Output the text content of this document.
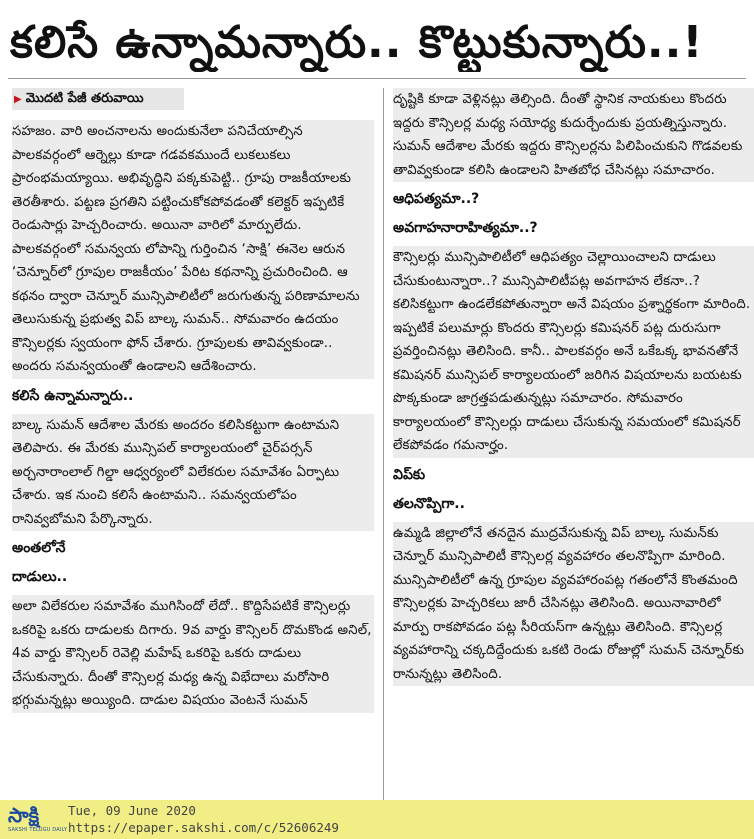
కలిసే ఉన్నామన్నారు.. కొట్టుకున్నారు..!
▶ మొదటి పేజీ తరువాయి

సహజం. వారి అంచనాలను అందుకునేలా పనిచేయాల్సిన పాలకవర్గంలో ఆర్నెల్లు కూడా గడవకముందే లుకలుకలు ప్రారంభమయ్యాయి. అభివృద్ధిని పక్కకుపెట్టి.. గ్రూపు రాజకీయాలకు తెరతీశారు. పట్టణ ప్రగతిని పట్టించుకోకపోవడంతో కలెక్టర్ ఇప్పటికే రెండుసార్లు హెచ్చరించారు. అయినా వారిలో మార్పులేదు. పాలకవర్గంలో సమన్వయ లోపాన్ని గుర్తించిన ‘సాక్షి’ ఈనెల ఆరున ‘చెన్నూర్‌లో గ్రూపుల రాజకీయం’ పేరిట కథనాన్ని ప్రచురించింది. ఆ కథనం ద్వారా చెన్నూర్ మున్సిపాలిటీలో జరుగుతున్న పరిణామాలను తెలుసుకున్న ప్రభుత్వ విప్ బాల్క సుమన్.. సోమవారం ఉదయం కౌన్సిలర్లకు స్వయంగా ఫోన్ చేశారు. గ్రూపులకు తావివ్వకుండా.. అందరు సమన్వయంతో ఉండాలని ఆదేశించారు.

కలిసే ఉన్నామన్నారు..

బాల్క సుమన్ ఆదేశాల మేరకు అందరం కలిసికట్టుగా ఉంటామని తెలిపారు. ఈ మేరకు మున్సిపల్ కార్యాలయంలో చైర్‌పర్సన్ అర్చనారాంలాల్ గిల్డా ఆధ్వర్యంలో విలేకరుల సమావేశం ఏర్పాటు చేశారు. ఇక నుంచి కలిసే ఉంటామని.. సమన్వయలోపం రానివ్వబోమని పేర్కొన్నారు.

అంతలోనే
దాడులు..

అలా విలేకరుల సమావేశం ముగిసిందో లేదో.. కొద్దిసేపటికే కౌన్సిలర్లు ఒకరిపై ఒకరు దాడులకు దిగారు. 9వ వార్డు కౌన్సిలర్ దొమకొండ అనిల్, 4వ వార్డు కౌన్సిలర్ రెవెల్లి మహేష్ ఒకరిపై ఒకరు దాడులు చేసుకున్నారు. దీంతో కౌన్సిలర్ల మధ్య ఉన్న విభేదాలు మరోసారి భగ్గుమన్నట్లు అయ్యింది. దాడుల విషయం వెంటనే సుమన్

దృష్టికి కూడా వెళ్లినట్లు తెల్సింది. దీంతో స్థానిక నాయకులు కొందరు ఇద్దరు కౌన్సిలర్ల మధ్య సయోధ్య కుదుర్చేందుకు ప్రయత్నిస్తున్నారు. సుమన్ ఆదేశాల మేరకు ఇద్దరు కౌన్సిలర్లను పిలిపించుకుని గొడవలకు తావివ్వకుండా కలిసి ఉండాలని హితబోధ చేసినట్లు సమాచారం.

ఆధిపత్యమా..?
అవగాహనారాహిత్యమా..?

కౌన్సిలర్లు మున్సిపాలిటీలో ఆధిపత్యం చెల్లాయించాలని దాడులు చేసుకుంటున్నారా..? మున్సిపాలిటీపట్ల అవగాహన లేకనా..? కలిసికట్టుగా ఉండలేకపోతున్నారా అనే విషయం ప్రశ్నార్థకంగా మారింది. ఇప్పటికే పలుమార్లు కొందరు కౌన్సిలర్లు కమిషనర్ పట్ల దురుసుగా ప్రవర్తించినట్లు తెలిసింది. కానీ.. పాలకవర్గం అనే ఒకేఒక్క భావనతోనే కమిషనర్ మున్సిపల్ కార్యాలయంలో జరిగిన విషయాలను బయటకు పొక్కకుండా జాగ్రత్తపడుతున్నట్లు సమాచారం. సోమవారం కార్యాలయంలో కౌన్సిలర్లు దాడులు చేసుకున్న సమయంలో కమిషనర్ లేకపోవడం గమనార్హం.

విప్‌కు
తలనొప్పిగా..

ఉమ్మడి జిల్లాలోనే తనదైన ముద్రవేసుకున్న విప్ బాల్క సుమన్‌కు చెన్నూర్ మున్సిపాలిటీ కౌన్సిలర్ల వ్యవహారం తలనొప్పిగా మారింది. మున్సిపాలిటీలో ఉన్న గ్రూపుల వ్యవహారంపట్ల గతంలోనే కొంతమంది కౌన్సిలర్లకు హెచ్చరికలు జారీ చేసినట్లు తెలిసింది. అయినావారిలో మార్పు రాకపోవడం పట్ల సీరియస్‌గా ఉన్నట్లు తెలిసింది. కౌన్సిలర్ల వ్యవహారాన్ని చక్కదిద్దేందుకు ఒకటి రెండు రోజుల్లో సుమన్ చెన్నూర్‌కు రానున్నట్లు తెలిసింది.

సాక్షి
SAKSHI TELUGU DAILY
Tue, 09 June 2020
https://epaper.sakshi.com/c/52606249
